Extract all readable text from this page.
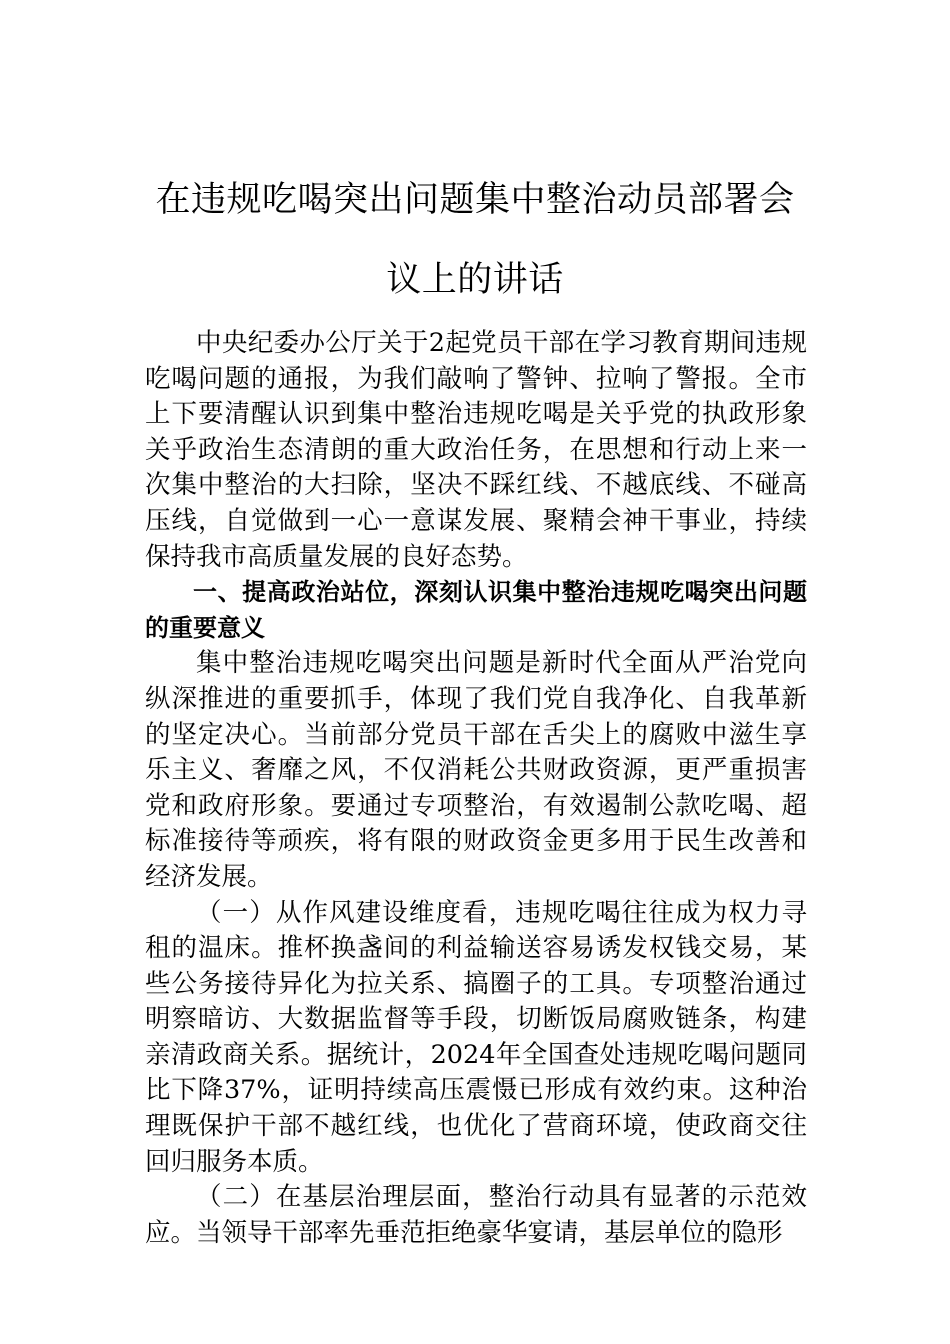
在违规吃喝突出问题集中整治动员部署会
议上的讲话

中央纪委办公厅关于2起党员干部在学习教育期间违规吃喝问题的通报，为我们敲响了警钟、拉响了警报。全市上下要清醒认识到集中整治违规吃喝是关乎党的执政形象关乎政治生态清朗的重大政治任务，在思想和行动上来一次集中整治的大扫除，坚决不踩红线、不越底线、不碰高压线，自觉做到一心一意谋发展、聚精会神干事业，持续保持我市高质量发展的良好态势。

一、提高政治站位，深刻认识集中整治违规吃喝突出问题的重要意义

集中整治违规吃喝突出问题是新时代全面从严治党向纵深推进的重要抓手，体现了我们党自我净化、自我革新的坚定决心。当前部分党员干部在舌尖上的腐败中滋生享乐主义、奢靡之风，不仅消耗公共财政资源，更严重损害党和政府形象。要通过专项整治，有效遏制公款吃喝、超标准接待等顽疾，将有限的财政资金更多用于民生改善和经济发展。

（一）从作风建设维度看，违规吃喝往往成为权力寻租的温床。推杯换盏间的利益输送容易诱发权钱交易，某些公务接待异化为拉关系、搞圈子的工具。专项整治通过明察暗访、大数据监督等手段，切断饭局腐败链条，构建亲清政商关系。据统计，2024年全国查处违规吃喝问题同比下降37%，证明持续高压震慑已形成有效约束。这种治理既保护干部不越红线，也优化了营商环境，使政商交往回归服务本质。

（二）在基层治理层面，整治行动具有显著的示范效应。当领导干部率先垂范拒绝豪华宴请，基层单位的隐形
